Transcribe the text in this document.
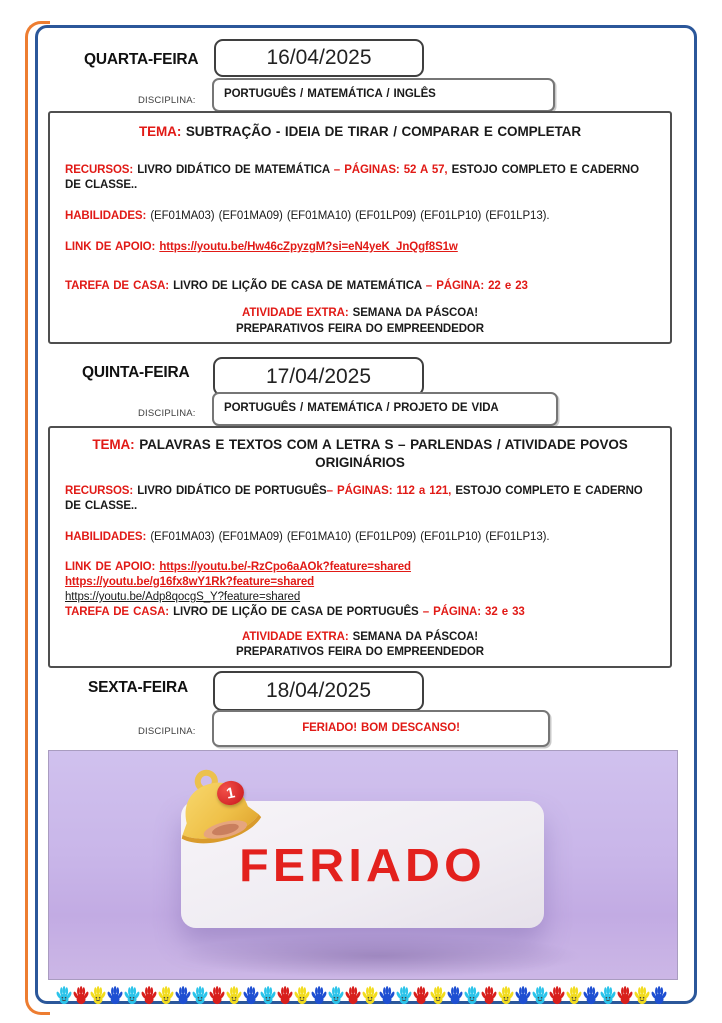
QUARTA-FEIRA	16/04/2025
DISCIPLINA:
PORTUGUÊS / MATEMÁTICA / INGLÊS
TEMA: SUBTRAÇÃO - IDEIA DE TIRAR / COMPARAR E COMPLETAR
RECURSOS: LIVRO DIDÁTICO DE MATEMÁTICA – PÁGINAS: 52 A 57, ESTOJO COMPLETO E CADERNO DE CLASSE..
HABILIDADES: (EF01MA03) (EF01MA09) (EF01MA10) (EF01LP09) (EF01LP10) (EF01LP13).
LINK DE APOIO: https://youtu.be/Hw46cZpyzgM?si=eN4yeK_JnQgf8S1w
TAREFA DE CASA: LIVRO DE LIÇÃO DE CASA DE MATEMÁTICA – PÁGINA: 22 e 23
ATIVIDADE EXTRA: SEMANA DA PÁSCOA!
PREPARATIVOS FEIRA DO EMPREENDEDOR
QUINTA-FEIRA	17/04/2025
DISCIPLINA: PORTUGUÊS / MATEMÁTICA / PROJETO DE VIDA
TEMA: PALAVRAS E TEXTOS COM A LETRA S – PARLENDAS / ATIVIDADE POVOS ORIGINÁRIOS
RECURSOS: LIVRO DIDÁTICO DE PORTUGUÊS– PÁGINAS: 112 a 121, ESTOJO COMPLETO E CADERNO DE CLASSE..
HABILIDADES: (EF01MA03) (EF01MA09) (EF01MA10) (EF01LP09) (EF01LP10) (EF01LP13).
LINK DE APOIO: https://youtu.be/-RzCpo6aAOk?feature=shared
https://youtu.be/g16fx8wY1Rk?feature=shared
https://youtu.be/Adp8qocgS_Y?feature=shared
TAREFA DE CASA: LIVRO DE LIÇÃO DE CASA DE PORTUGUÊS – PÁGINA: 32 e 33
ATIVIDADE EXTRA: SEMANA DA PÁSCOA!
PREPARATIVOS FEIRA DO EMPREENDEDOR
SEXTA-FEIRA	18/04/2025
DISCIPLINA:	FERIADO! BOM DESCANSO!
FERIADO
1
